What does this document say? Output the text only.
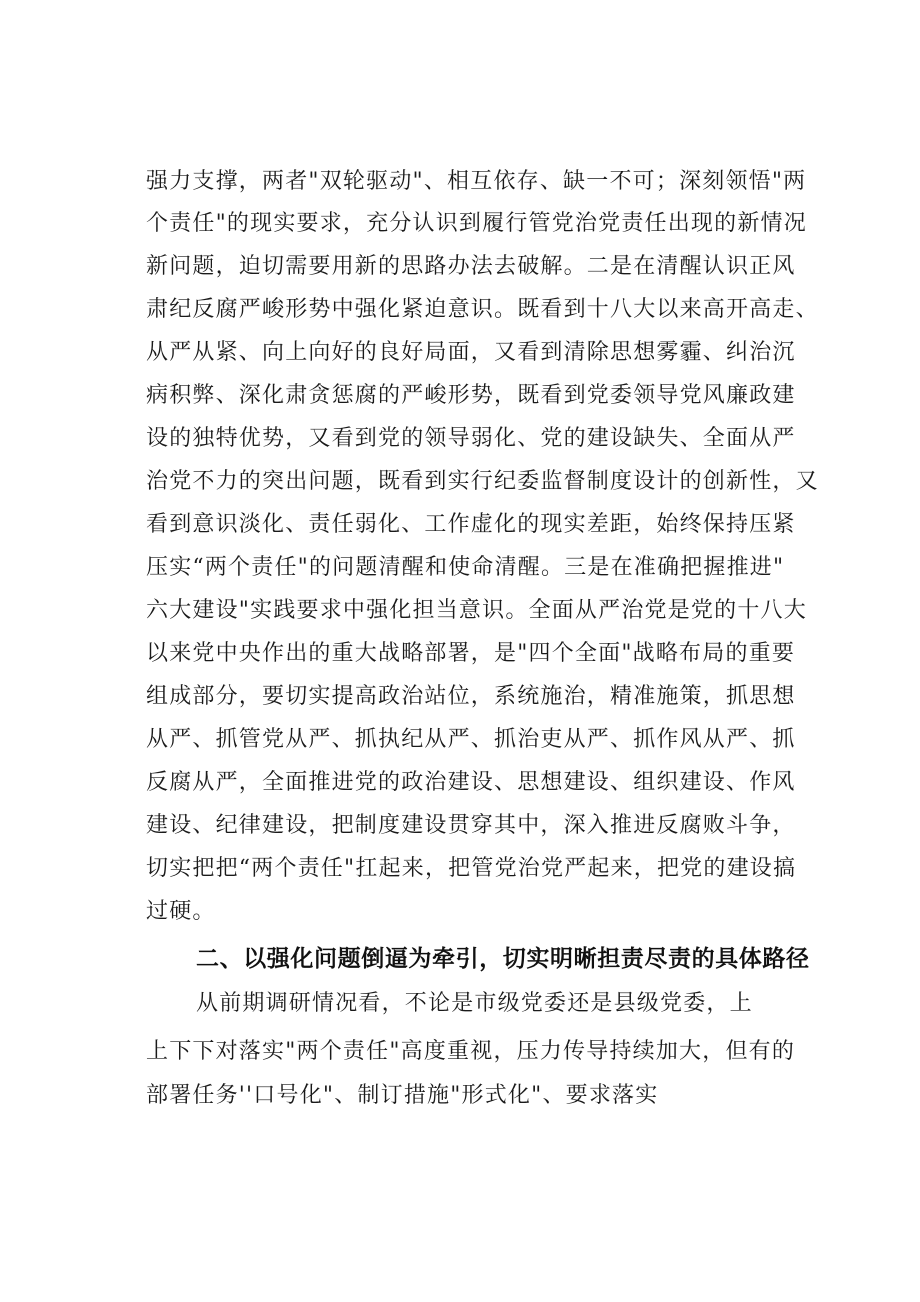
强力支撑，两者"双轮驱动"、相互依存、缺一不可；深刻领悟"两
个责任"的现实要求，充分认识到履行管党治党责任出现的新情况
新问题，迫切需要用新的思路办法去破解。二是在清醒认识正风
肃纪反腐严峻形势中强化紧迫意识。既看到十八大以来高开高走、
从严从紧、向上向好的良好局面，又看到清除思想雾霾、纠治沉
病积弊、深化肃贪惩腐的严峻形势，既看到党委领导党风廉政建
设的独特优势，又看到党的领导弱化、党的建设缺失、全面从严
治党不力的突出问题，既看到实行纪委监督制度设计的创新性，又
看到意识淡化、责任弱化、工作虚化的现实差距，始终保持压紧
压实“两个责任"的问题清醒和使命清醒。三是在准确把握推进"
六大建设"实践要求中强化担当意识。全面从严治党是党的十八大
以来党中央作出的重大战略部署，是"四个全面"战略布局的重要
组成部分，要切实提高政治站位，系统施治，精准施策，抓思想
从严、抓管党从严、抓执纪从严、抓治吏从严、抓作风从严、抓
反腐从严，全面推进党的政治建设、思想建设、组织建设、作风
建设、纪律建设，把制度建设贯穿其中，深入推进反腐败斗争，
切实把把“两个责任"扛起来，把管党治党严起来，把党的建设搞
过硬。
二、以强化问题倒逼为牵引，切实明晰担责尽责的具体路径
从前期调研情况看，不论是市级党委还是县级党委，上
上下下对落实"两个责任"高度重视，压力传导持续加大，但有的
部署任务''口号化"、制订措施"形式化"、要求落实
